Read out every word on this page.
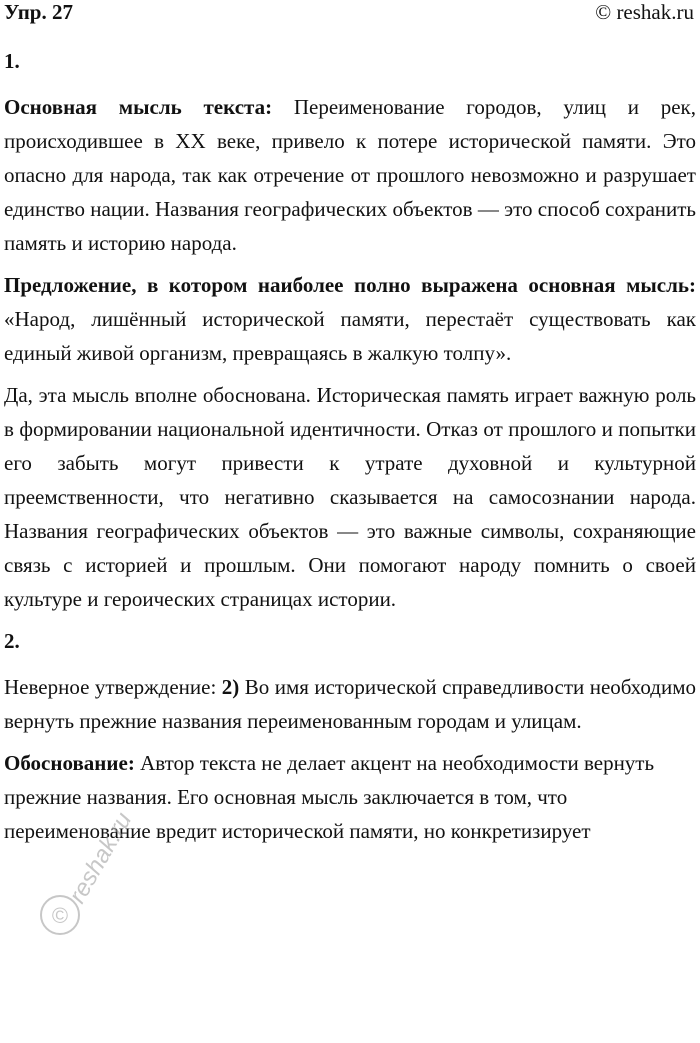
Упр. 27	© reshak.ru
1.

Основная мысль текста: Переименование городов, улиц и рек, происходившее в XX веке, привело к потере исторической памяти. Это опасно для народа, так как отречение от прошлого невозможно и разрушает единство нации. Названия географических объектов — это способ сохранить память и историю народа.

Предложение, в котором наиболее полно выражена основная мысль: «Народ, лишённый исторической памяти, перестаёт существовать как единый живой организм, превращаясь в жалкую толпу».

Да, эта мысль вполне обоснована. Историческая память играет важную роль в формировании национальной идентичности. Отказ от прошлого и попытки его забыть могут привести к утрате духовной и культурной преемственности, что негативно сказывается на самосознании народа. Названия географических объектов — это важные символы, сохраняющие связь с историей и прошлым. Они помогают народу помнить о своей культуре и героических страницах истории.

2.

Неверное утверждение: 2) Во имя исторической справедливости необходимо вернуть прежние названия переименованным городам и улицам.

Обоснование: Автор текста не делает акцент на необходимости вернуть прежние названия. Его основная мысль заключается в том, что переименование вредит исторической памяти, но конкретизирует

©
reshak.ru
